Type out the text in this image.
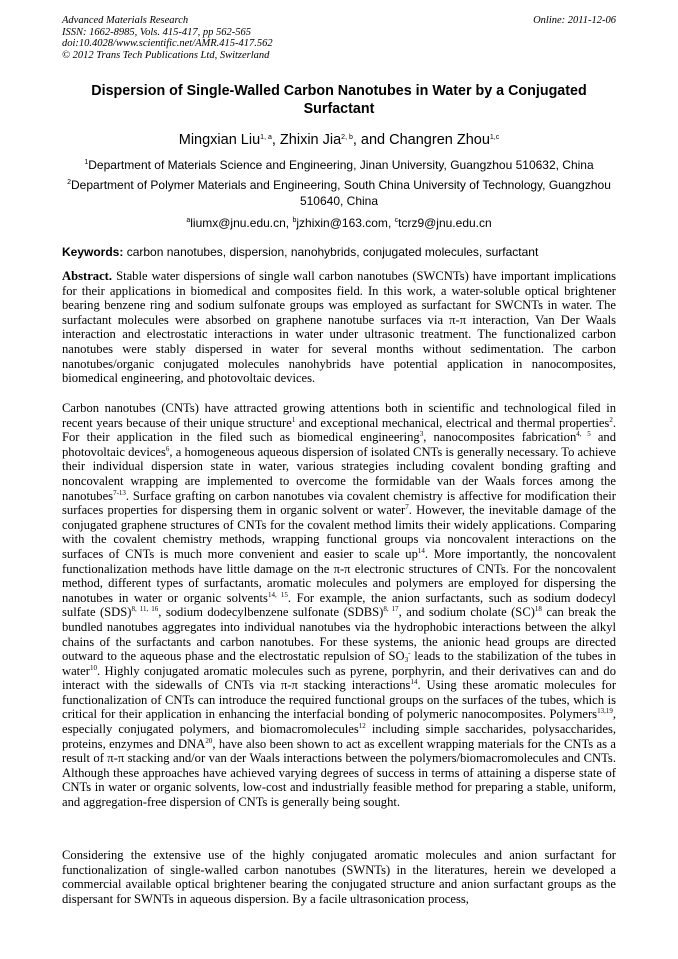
Advanced Materials Research
ISSN: 1662-8985, Vols. 415-417, pp 562-565
doi:10.4028/www.scientific.net/AMR.415-417.562
© 2012 Trans Tech Publications Ltd, Switzerland
Online: 2011-12-06
Dispersion of Single-Walled Carbon Nanotubes in Water by a Conjugated Surfactant
Mingxian Liu$^{1, a}$, Zhixin Jia$^{2, b}$, and Changren Zhou$^{1,c}$
$^1$Department of Materials Science and Engineering, Jinan University, Guangzhou 510632, China
$^2$Department of Polymer Materials and Engineering, South China University of Technology, Guangzhou 510640, China
$^a$liumx@jnu.edu.cn, $^b$jzhixin@163.com, $^c$tcrz9@jnu.edu.cn
Keywords: carbon nanotubes, dispersion, nanohybrids, conjugated molecules, surfactant
Abstract. Stable water dispersions of single wall carbon nanotubes (SWCNTs) have important implications for their applications in biomedical and composites field. In this work, a water-soluble optical brightener bearing benzene ring and sodium sulfonate groups was employed as surfactant for SWCNTs in water. The surfactant molecules were absorbed on graphene nanotube surfaces via π-π interaction, Van Der Waals interaction and electrostatic interactions in water under ultrasonic treatment. The functionalized carbon nanotubes were stably dispersed in water for several months without sedimentation. The carbon nanotubes/organic conjugated molecules nanohybrids have potential application in nanocomposites, biomedical engineering, and photovoltaic devices.
Carbon nanotubes (CNTs) have attracted growing attentions both in scientific and technological filed in recent years because of their unique structure$^1$ and exceptional mechanical, electrical and thermal properties$^2$. For their application in the filed such as biomedical engineering$^3$, nanocomposites fabrication$^{4, 5}$ and photovoltaic devices$^6$, a homogeneous aqueous dispersion of isolated CNTs is generally necessary. To achieve their individual dispersion state in water, various strategies including covalent bonding grafting and noncovalent wrapping are implemented to overcome the formidable van der Waals forces among the nanotubes$^{7-13}$. Surface grafting on carbon nanotubes via covalent chemistry is affective for modification their surfaces properties for dispersing them in organic solvent or water$^7$. However, the inevitable damage of the conjugated graphene structures of CNTs for the covalent method limits their widely applications. Comparing with the covalent chemistry methods, wrapping functional groups via noncovalent interactions on the surfaces of CNTs is much more convenient and easier to scale $up^{14}$. More importantly, the noncovalent functionalization methods have little damage on the π-π electronic structures of CNTs. For the noncovalent method, different types of surfactants, aromatic molecules and polymers are employed for dispersing the nanotubes in water or organic solvents$^{14, 15}$. For example, the anion surfactants, such as sodium dodecyl sulfate (SDS)$^{8, 11, 16}$, sodium dodecylbenzene sulfonate (SDBS)$^{8, 17}$, and sodium cholate (SC)$^{18}$ can break the bundled nanotubes aggregates into individual nanotubes via the hydrophobic interactions between the alkyl chains of the surfactants and carbon nanotubes. For these systems, the anionic head groups are directed outward to the aqueous phase and the electrostatic repulsion of $SO_3^-$ leads to the stabilization of the tubes in water$^{10}$. Highly conjugated aromatic molecules such as pyrene, porphyrin, and their derivatives can and do interact with the sidewalls of CNTs via π-π stacking interactions$^{14}$. Using these aromatic molecules for functionalization of CNTs can introduce the required functional groups on the surfaces of the tubes, which is critical for their application in enhancing the interfacial bonding of polymeric nanocomposites. Polymers$^{13,19}$, especially conjugated polymers, and biomacromolecules$^{12}$ including simple saccharides, polysaccharides, proteins, enzymes and DNA$^{20}$, have also been shown to act as excellent wrapping materials for the CNTs as a result of π-π stacking and/or van der Waals interactions between the polymers/biomacromolecules and CNTs. Although these approaches have achieved varying degrees of success in terms of attaining a disperse state of CNTs in water or organic solvents, low-cost and industrially feasible method for preparing a stable, uniform, and aggregation-free dispersion of CNTs is generally being sought.
Considering the extensive use of the highly conjugated aromatic molecules and anion surfactant for functionalization of single-walled carbon nanotubes (SWNTs) in the literatures, herein we developed a commercial available optical brightener bearing the conjugated structure and anion surfactant groups as the dispersant for SWNTs in aqueous dispersion. By a facile ultrasonication process,
